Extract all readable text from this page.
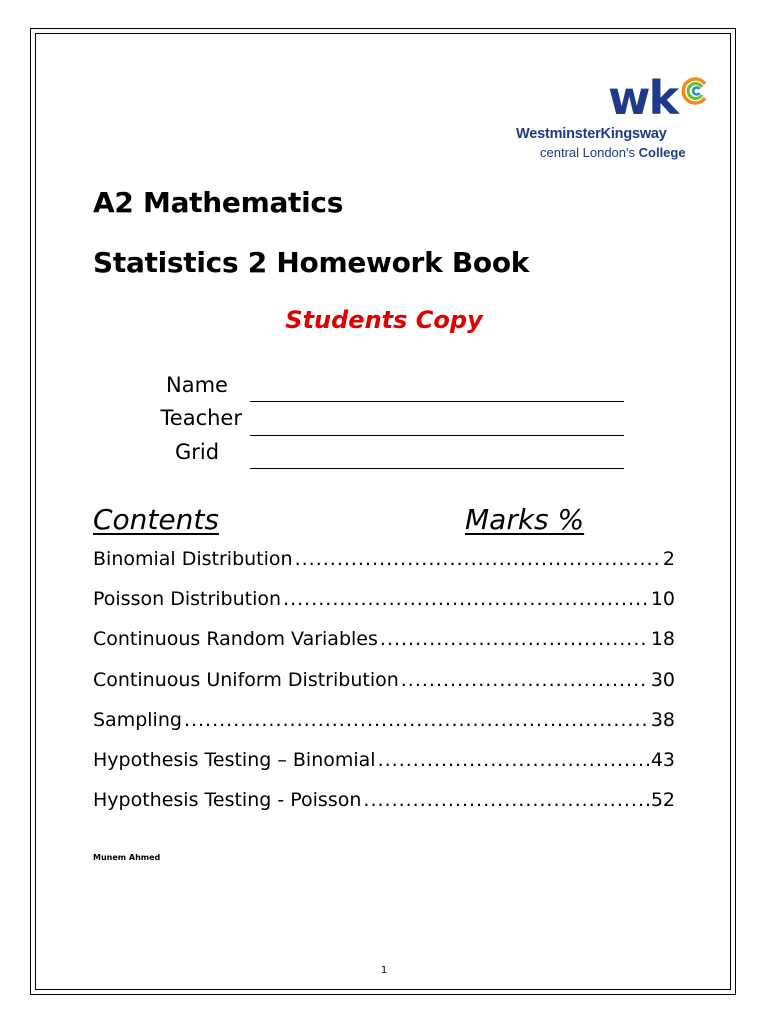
wk
WestminsterKingsway
central London's College
A2 Mathematics
Statistics 2 Homework Book
Students Copy
Name
Teacher
Grid
Contents	Marks %
Binomial Distribution .....	2
Poisson Distribution .....	10
Continuous Random Variables .....	18
Continuous Uniform Distribution .....	30
Sampling .....	38
Hypothesis Testing – Binomial .....	43
Hypothesis Testing - Poisson .....	52
Munem Ahmed
1
